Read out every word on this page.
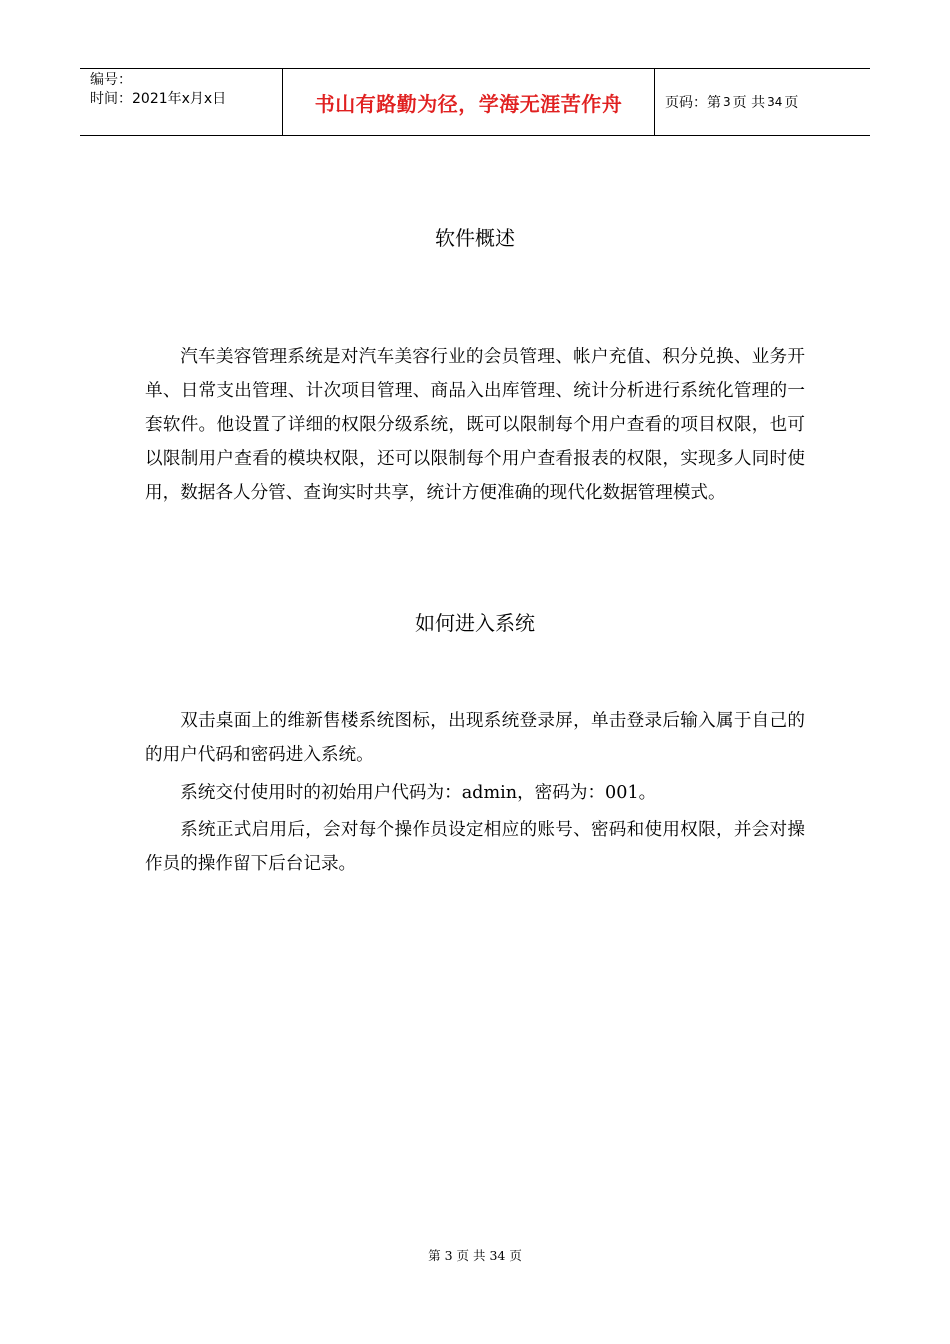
编号：
时间：2021年x月x日	书山有路勤为径，学海无涯苦作舟	页码：第 3 页 共 34 页
软件概述

汽车美容管理系统是对汽车美容行业的会员管理、帐户充值、积分兑换、业务开单、日常支出管理、计次项目管理、商品入出库管理、统计分析进行系统化管理的一套软件。他设置了详细的权限分级系统，既可以限制每个用户查看的项目权限，也可以限制用户查看的模块权限，还可以限制每个用户查看报表的权限，实现多人同时使用，数据各人分管、查询实时共享，统计方便准确的现代化数据管理模式。

如何进入系统

双击桌面上的维新售楼系统图标，出现系统登录屏，单击登录后输入属于自己的的用户代码和密码进入系统。

系统交付使用时的初始用户代码为：admin，密码为：001。

系统正式启用后，会对每个操作员设定相应的账号、密码和使用权限，并会对操作员的操作留下后台记录。

第 3 页 共 34 页
